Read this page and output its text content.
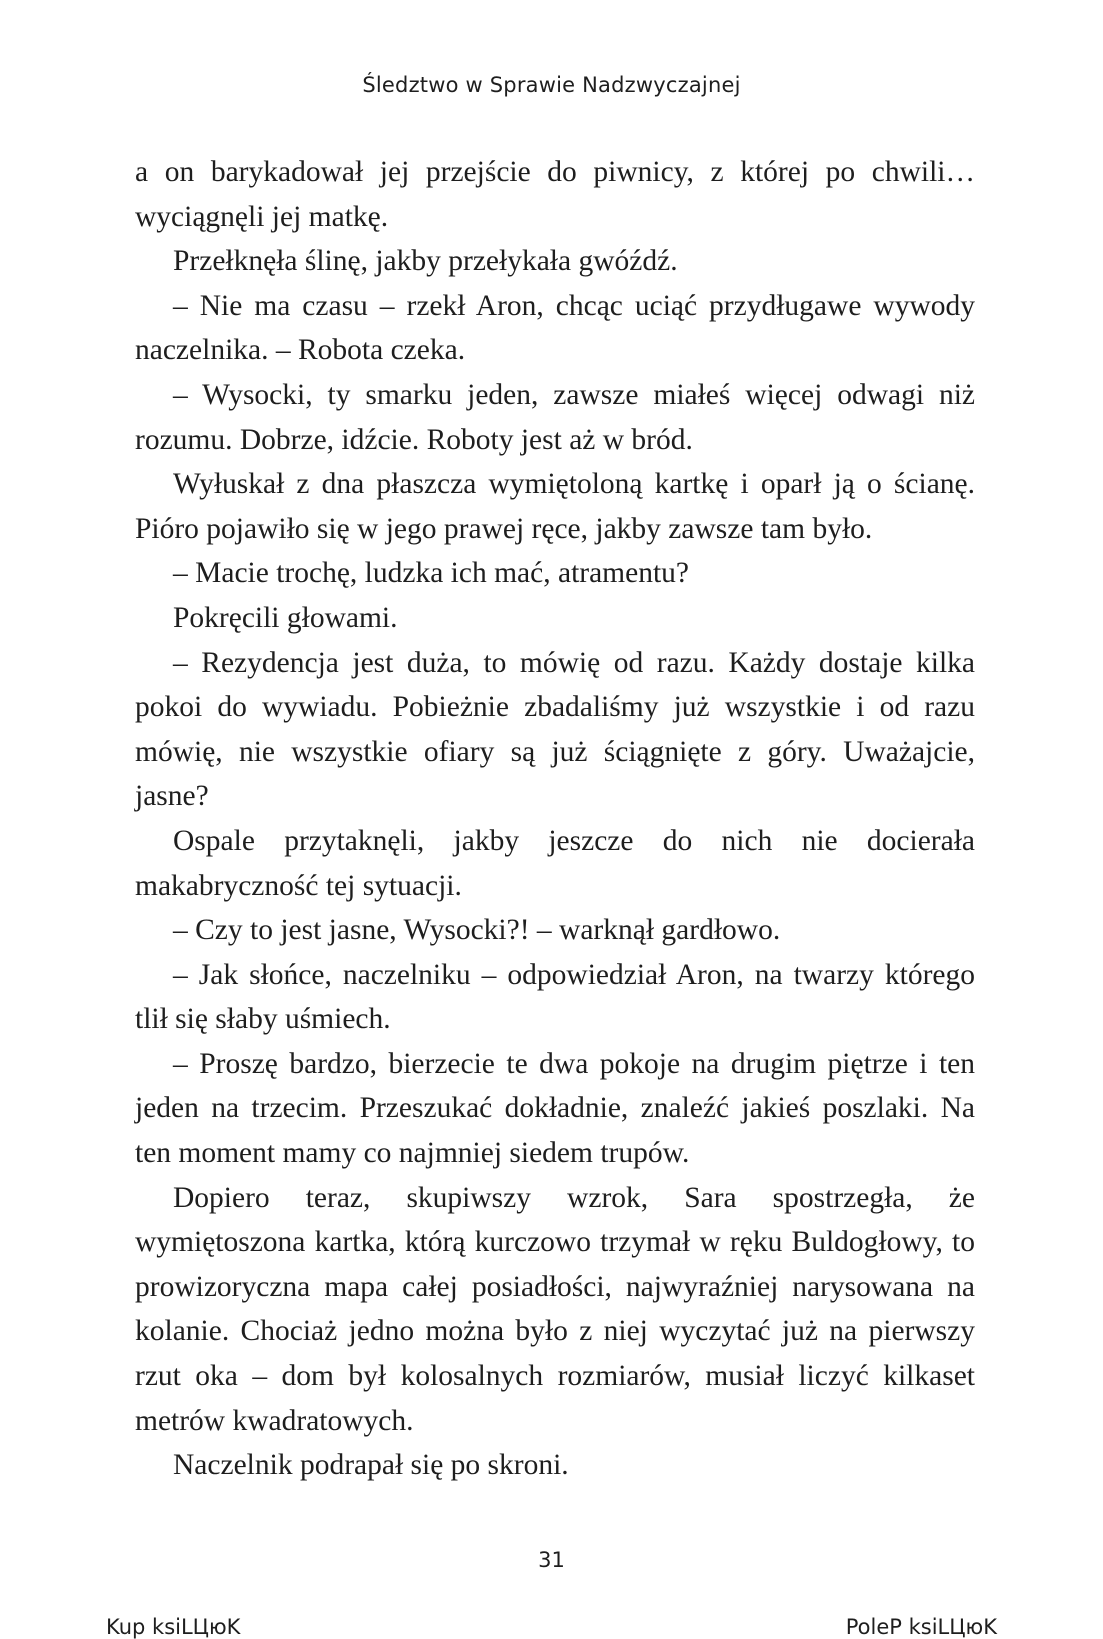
Śledztwo w Sprawie Nadzwyczajnej

a on barykadował jej przejście do piwnicy, z której po chwili… wyciągnęli jej matkę.

Przełknęła ślinę, jakby przełykała gwóźdź.

– Nie ma czasu – rzekł Aron, chcąc uciąć przydługawe wywody naczelnika. – Robota czeka.

– Wysocki, ty smarku jeden, zawsze miałeś więcej odwagi niż rozumu. Dobrze, idźcie. Roboty jest aż w bród.

Wyłuskał z dna płaszcza wymiętoloną kartkę i oparł ją o ścianę. Pióro pojawiło się w jego prawej ręce, jakby zawsze tam było.

– Macie trochę, ludzka ich mać, atramentu?

Pokręcili głowami.

– Rezydencja jest duża, to mówię od razu. Każdy dostaje kilka pokoi do wywiadu. Pobieżnie zbadaliśmy już wszystkie i od razu mówię, nie wszystkie ofiary są już ściągnięte z góry. Uważajcie, jasne?

Ospale przytaknęli, jakby jeszcze do nich nie docierała makabryczność tej sytuacji.

– Czy to jest jasne, Wysocki?! – warknął gardłowo.

– Jak słońce, naczelniku – odpowiedział Aron, na twarzy którego tlił się słaby uśmiech.

– Proszę bardzo, bierzecie te dwa pokoje na drugim piętrze i ten jeden na trzecim. Przeszukać dokładnie, znaleźć jakieś poszlaki. Na ten moment mamy co najmniej siedem trupów.

Dopiero teraz, skupiwszy wzrok, Sara spostrzegła, że wymiętoszona kartka, którą kurczowo trzymał w ręku Buldogłowy, to prowizoryczna mapa całej posiadłości, najwyraźniej narysowana na kolanie. Chociaż jedno można było z niej wyczytać już na pierwszy rzut oka – dom był kolosalnych rozmiarów, musiał liczyć kilkaset metrów kwadratowych.

Naczelnik podrapał się po skroni.

31
Kup ksiLЦюK	PoleP ksiLЦюK
